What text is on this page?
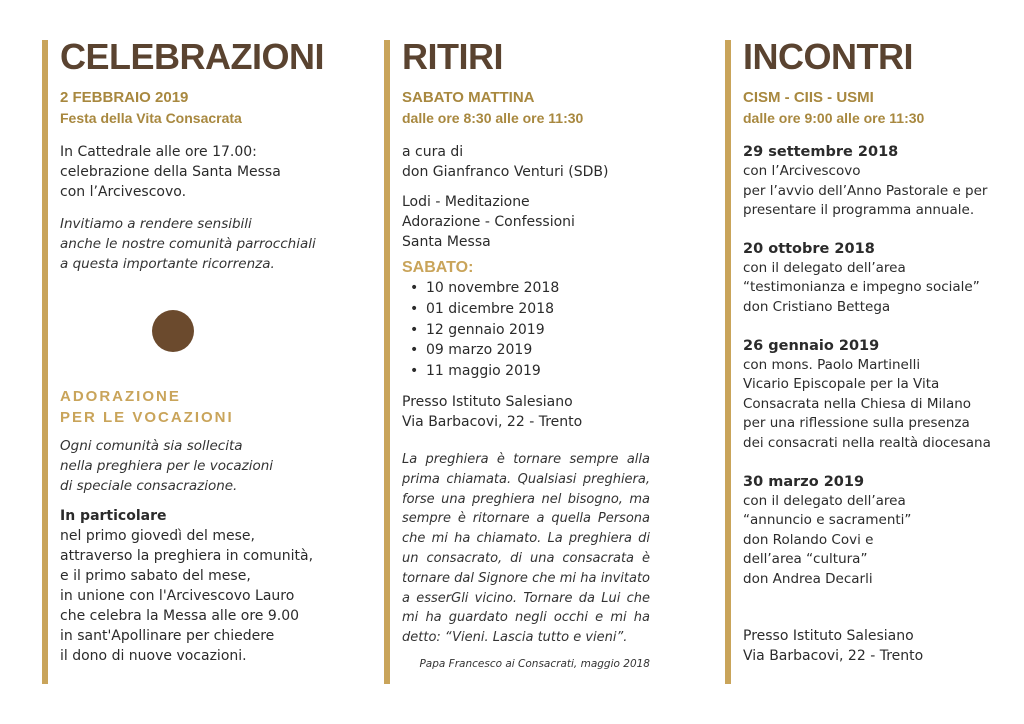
CELEBRAZIONI
2 FEBBRAIO 2019
Festa della Vita Consacrata
In Cattedrale alle ore 17.00:
celebrazione della Santa Messa
con l’Arcivescovo.
Invitiamo a rendere sensibili
anche le nostre comunità parrocchiali
a questa importante ricorrenza.
ADORAZIONE
PER LE VOCAZIONI
Ogni comunità sia sollecita
nella preghiera per le vocazioni
di speciale consacrazione.
In particolare
nel primo giovedì del mese,
attraverso la preghiera in comunità,
e il primo sabato del mese,
in unione con l'Arcivescovo Lauro
che celebra la Messa alle ore 9.00
in sant'Apollinare per chiedere
il dono di nuove vocazioni.
RITIRI
SABATO MATTINA
dalle ore 8:30 alle ore 11:30
a cura di
don Gianfranco Venturi (SDB)
Lodi - Meditazione
Adorazione - Confessioni
Santa Messa
SABATO:
• 10 novembre 2018
• 01 dicembre 2018
• 12 gennaio 2019
• 09 marzo 2019
• 11 maggio 2019
Presso Istituto Salesiano
Via Barbacovi, 22 - Trento
La preghiera è tornare sempre alla prima chiamata. Qualsiasi preghiera, forse una preghiera nel bisogno, ma sempre è ritornare a quella Persona che mi ha chiamato. La preghiera di un consacrato, di una consacrata è tornare dal Signore che mi ha invitato a esserGli vicino. Tornare da Lui che mi ha guardato negli occhi e mi ha detto: “Vieni. Lascia tutto e vieni”.
Papa Francesco ai Consacrati, maggio 2018
INCONTRI
CISM - CIIS - USMI
dalle ore 9:00 alle ore 11:30
29 settembre 2018
con l’Arcivescovo
per l’avvio dell’Anno Pastorale e per
presentare il programma annuale.
20 ottobre 2018
con il delegato dell’area
“testimonianza e impegno sociale”
don Cristiano Bettega
26 gennaio 2019
con mons. Paolo Martinelli
Vicario Episcopale per la Vita
Consacrata nella Chiesa di Milano
per una riflessione sulla presenza
dei consacrati nella realtà diocesana
30 marzo 2019
con il delegato dell’area
“annuncio e sacramenti”
don Rolando Covi e
dell’area “cultura”
don Andrea Decarli
Presso Istituto Salesiano
Via Barbacovi, 22 - Trento
